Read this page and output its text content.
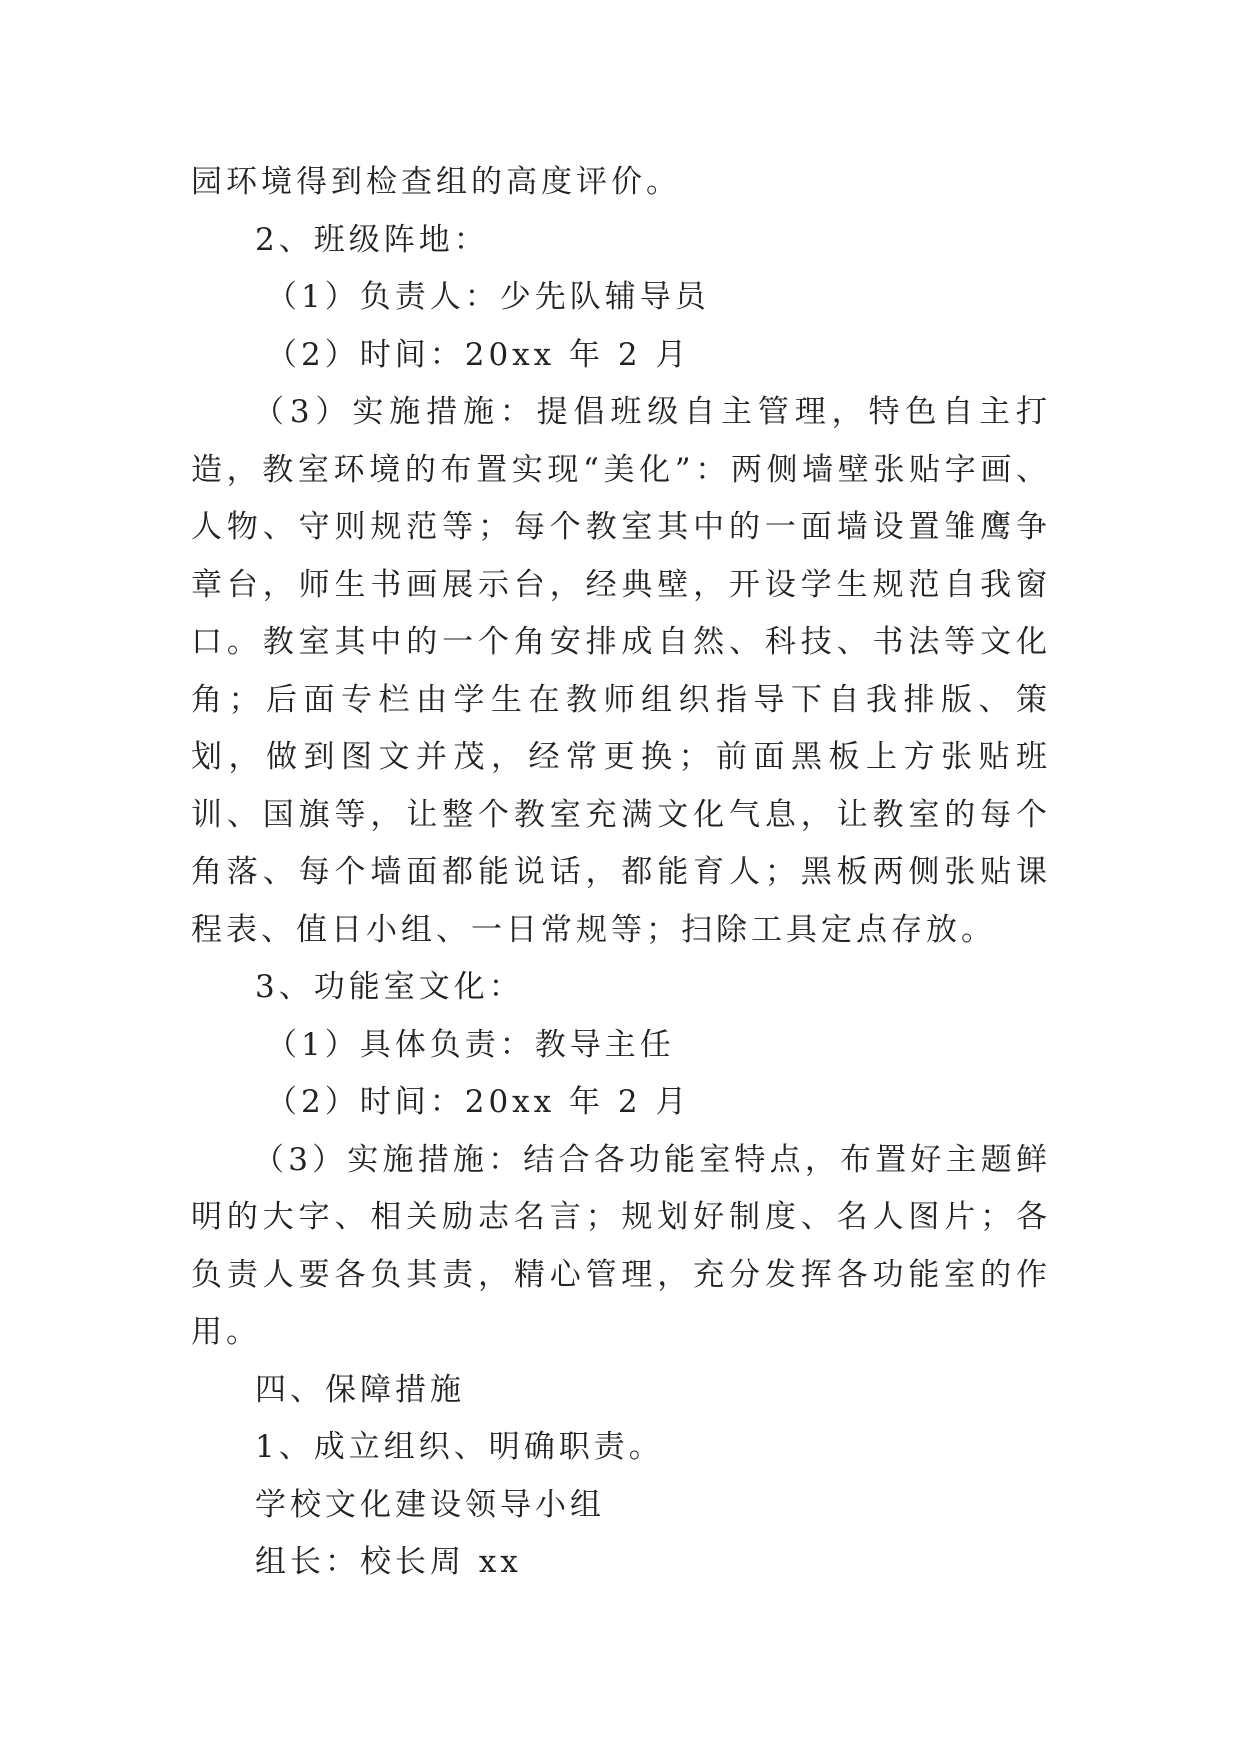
园环境得到检查组的高度评价。
2、班级阵地：
（1）负责人：少先队辅导员
（2）时间：20xx 年 2 月

（3）实施措施：提倡班级自主管理，特色自主打造，教室环境的布置实现“美化”：两侧墙壁张贴字画、人物、守则规范等；每个教室其中的一面墙设置雏鹰争章台，师生书画展示台，经典壁，开设学生规范自我窗口。教室其中的一个角安排成自然、科技、书法等文化角；后面专栏由学生在教师组织指导下自我排版、策划，做到图文并茂，经常更换；前面黑板上方张贴班训、国旗等，让整个教室充满文化气息，让教室的每个角落、每个墙面都能说话，都能育人；黑板两侧张贴课程表、值日小组、一日常规等；扫除工具定点存放。

3、功能室文化：
（1）具体负责：教导主任
（2）时间：20xx 年 2 月

（3）实施措施：结合各功能室特点，布置好主题鲜明的大字、相关励志名言；规划好制度、名人图片；各负责人要各负其责，精心管理，充分发挥各功能室的作用。

四、保障措施
1、成立组织、明确职责。
学校文化建设领导小组
组长：校长周 xx
